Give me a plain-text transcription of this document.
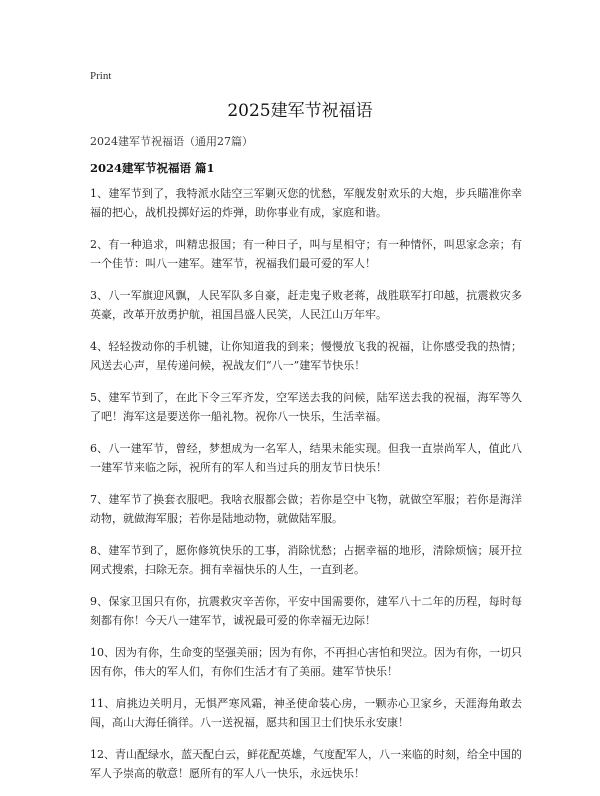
Print
2025建军节祝福语
2024建军节祝福语（通用27篇）
2024建军节祝福语 篇1

1、建军节到了，我特派水陆空三军剿灭您的忧愁，军舰发射欢乐的大炮，步兵瞄准你幸福的把心，战机投掷好运的炸弹，助你事业有成，家庭和谐。

2、有一种追求，叫精忠报国；有一种日子，叫与星相守；有一种情怀，叫思家念亲；有一个佳节：叫八一建军。建军节，祝福我们最可爱的军人！

3、八一军旗迎风飘，人民军队多自豪，赶走鬼子败老蒋，战胜联军打印越，抗震救灾多英豪，改革开放勇护航，祖国昌盛人民笑，人民江山万年牢。

4、轻轻拨动你的手机键，让你知道我的到来；慢慢放飞我的祝福，让你感受我的热情；风送去心声，星传递问候，祝战友们“八一”建军节快乐！

5、建军节到了，在此下令三军齐发，空军送去我的问候，陆军送去我的祝福，海军等久了吧！海军这是要送你一船礼物。祝你八一快乐，生活幸福。

6、八一建军节，曾经，梦想成为一名军人，结果未能实现。但我一直崇尚军人，值此八一建军节来临之际，祝所有的军人和当过兵的朋友节日快乐！

7、建军节了换套衣服吧。我啥衣服都会做；若你是空中飞物，就做空军服；若你是海洋动物，就做海军服；若你是陆地动物，就做陆军服。

8、建军节到了，愿你修筑快乐的工事，消除忧愁；占据幸福的地形，清除烦恼；展开拉网式搜索，扫除无奈。拥有幸福快乐的人生，一直到老。

9、保家卫国只有你，抗震救灾辛苦你，平安中国需要你，建军八十二年的历程，每时每刻都有你！今天八一建军节，诚祝最可爱的你幸福无边际！

10、因为有你，生命变的坚强美丽；因为有你，不再担心害怕和哭泣。因为有你，一切只因有你，伟大的军人们，有你们生活才有了美丽。建军节快乐！

11、肩挑边关明月，无惧严寒风霜，神圣使命装心房，一颗赤心卫家乡，天涯海角敢去闯，高山大海任徜徉。八一送祝福，愿共和国卫士们快乐永安康！

12、青山配绿水，蓝天配白云，鲜花配英雄，气度配军人，八一来临的时刻，给全中国的军人予崇高的敬意！愿所有的军人八一快乐，永远快乐！
